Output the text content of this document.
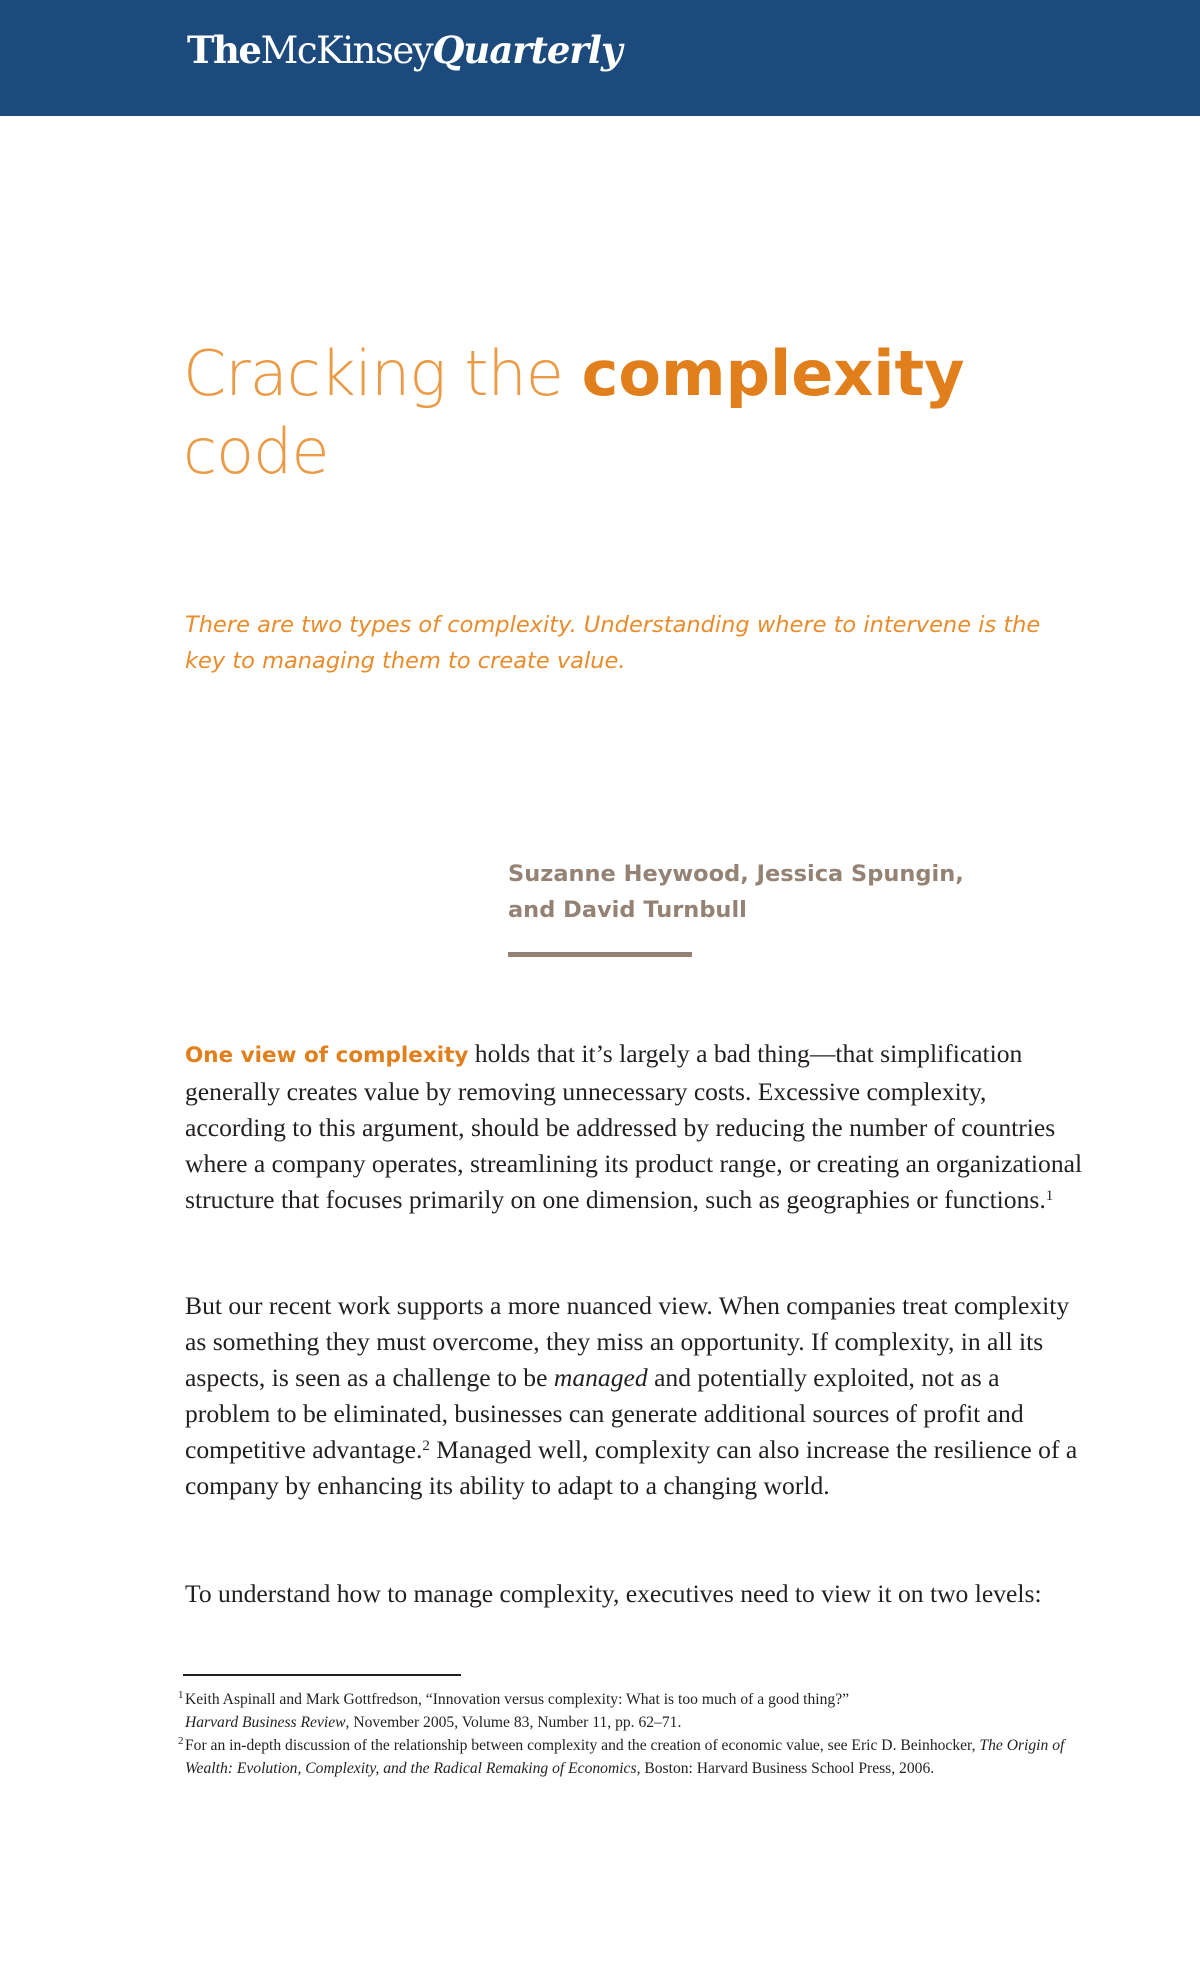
TheMcKinseyQuarterly
Cracking the complexity
code
There are two types of complexity. Understanding where to intervene is the key to managing them to create value.
Suzanne Heywood, Jessica Spungin,
and David Turnbull

One view of complexity holds that it’s largely a bad thing—that simplification generally creates value by removing unnecessary costs. Excessive complexity, according to this argument, should be addressed by reducing the number of countries where a company operates, streamlining its product range, or creating an organizational structure that focuses primarily on one dimension, such as geographies or functions.$^1$

But our recent work supports a more nuanced view. When companies treat complexity as something they must overcome, they miss an opportunity. If complexity, in all its aspects, is seen as a challenge to be managed and potentially exploited, not as a problem to be eliminated, businesses can generate additional sources of profit and competitive advantage.$^2$ Managed well, complexity can also increase the resilience of a company by enhancing its ability to adapt to a changing world.

To understand how to manage complexity, executives need to view it on two levels:

1 Keith Aspinall and Mark Gottfredson, “Innovation versus complexity: What is too much of a good thing?”
Harvard Business Review, November 2005, Volume 83, Number 11, pp. 62–71.

2 For an in-depth discussion of the relationship between complexity and the creation of economic value, see Eric D. Beinhocker, The Origin of Wealth: Evolution, Complexity, and the Radical Remaking of Economics, Boston: Harvard Business School Press, 2006.
